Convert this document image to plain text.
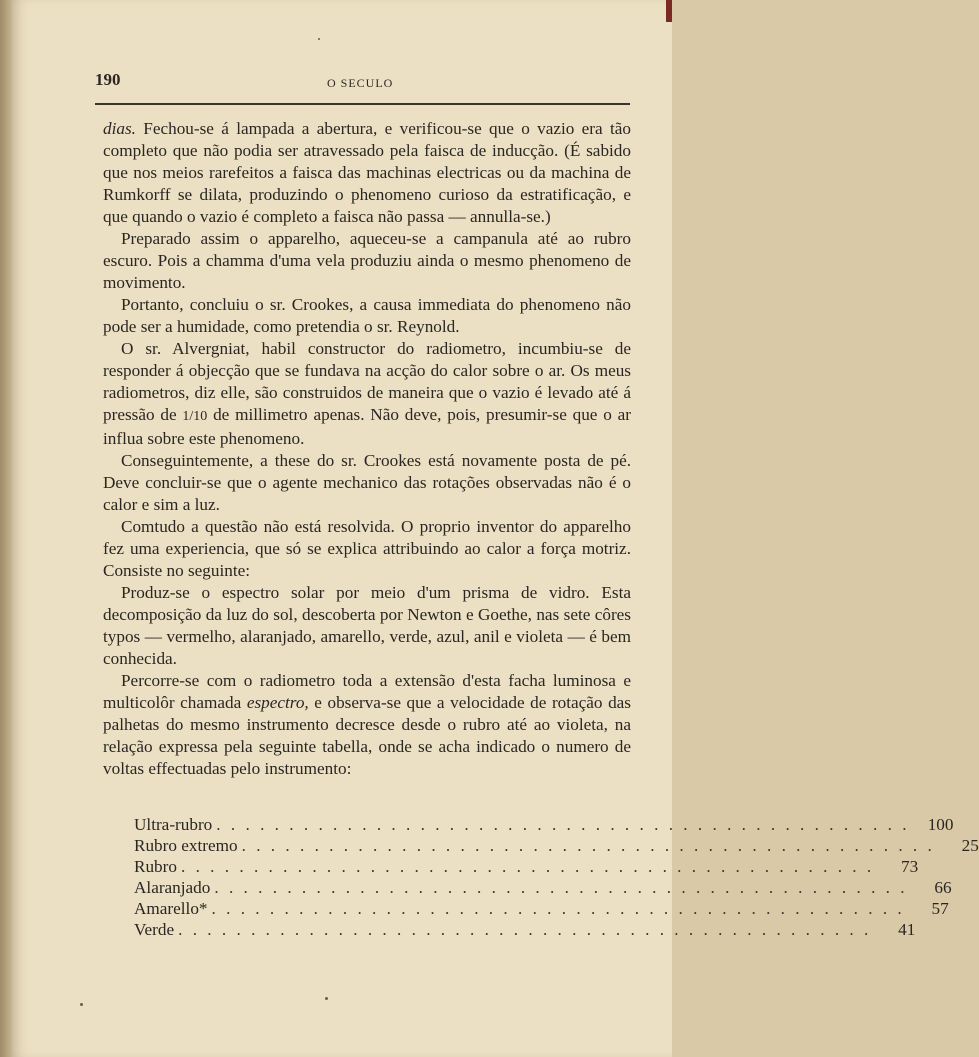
190	O SECULO

dias. Fechou-se á lampada a abertura, e verificou-se que o vazio era tão completo que não podia ser atravessado pela faisca de inducção. (É sabido que nos meios rarefeitos a faisca das machinas electricas ou da machina de Rumkorff se dilata, produzindo o phenomeno curioso da estratificação, e que quando o vazio é completo a faisca não passa — annulla-se.)

Preparado assim o apparelho, aqueceu-se a campanula até ao rubro escuro. Pois a chamma d'uma vela produziu ainda o mesmo phenomeno de movimento.

Portanto, concluiu o sr. Crookes, a causa immediata do phenomeno não pode ser a humidade, como pretendia o sr. Reynold.

O sr. Alvergniat, habil constructor do radiometro, incumbiu-se de responder á objecção que se fundava na acção do calor sobre o ar. Os meus radiometros, diz elle, são construidos de maneira que o vazio é levado até á pressão de 1/10 de millimetro apenas. Não deve, pois, presumir-se que o ar influa sobre este phenomeno.

Conseguintemente, a these do sr. Crookes está novamente posta de pé. Deve concluir-se que o agente mechanico das rotações observadas não é o calor e sim a luz.

Comtudo a questão não está resolvida. O proprio inventor do apparelho fez uma experiencia, que só se explica attribuindo ao calor a força motriz. Consiste no seguinte:

Produz-se o espectro solar por meio d'um prisma de vidro. Esta decomposição da luz do sol, descoberta por Newton e Goethe, nas sete côres typos — vermelho, alaranjado, amarello, verde, azul, anil e violeta — é bem conhecida.

Percorre-se com o radiometro toda a extensão d'esta facha luminosa e multicolôr chamada espectro, e observa-se que a velocidade de rotação das palhetas do mesmo instrumento decresce desde o rubro até ao violeta, na relação expressa pela seguinte tabella, onde se acha indicado o numero de voltas effectuadas pelo instrumento:

Ultra-rubro . . . . . . . . . . . . . . . . . . . . . . . . . . . . . . . . . . . . . . . . . . . . . . . .	100
Rubro extremo . . . . . . . . . . . . . . . . . . . . . . . . . . . . . . . . . . . . . . . . . . . . . . . .	25
Rubro . . . . . . . . . . . . . . . . . . . . . . . . . . . . . . . . . . . . . . . . . . . . . . . .	73
Alaranjado . . . . . . . . . . . . . . . . . . . . . . . . . . . . . . . . . . . . . . . . . . . . . . . .	66
Amarello* . . . . . . . . . . . . . . . . . . . . . . . . . . . . . . . . . . . . . . . . . . . . . . . .	57
Verde . . . . . . . . . . . . . . . . . . . . . . . . . . . . . . . . . . . . . . . . . . . . . . . .	41
